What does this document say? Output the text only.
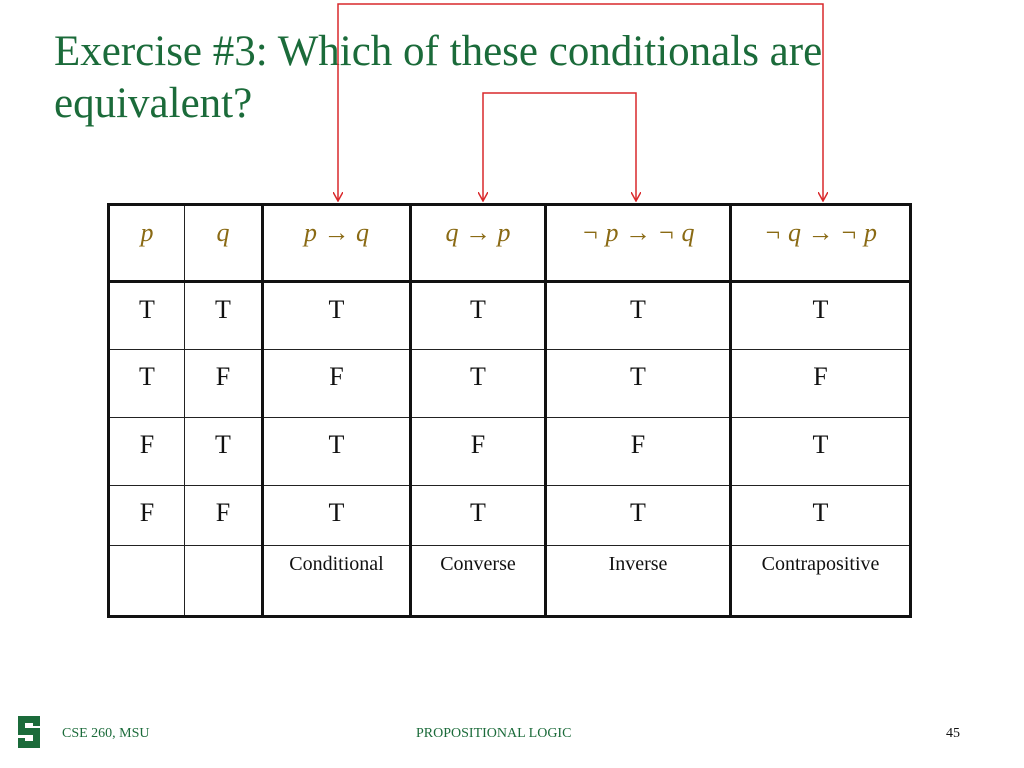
Exercise #3: Which of these conditionals are equivalent?
p	q	p → q	q → p	¬ p → ¬ q	¬ q → ¬ p
T	T	T	T	T	T
T	F	F	T	T	F
F	T	T	F	F	T
F	F	T	T	T	T
		Conditional	Converse	Inverse	Contrapositive
CSE 260, MSU	PROPOSITIONAL LOGIC	45
